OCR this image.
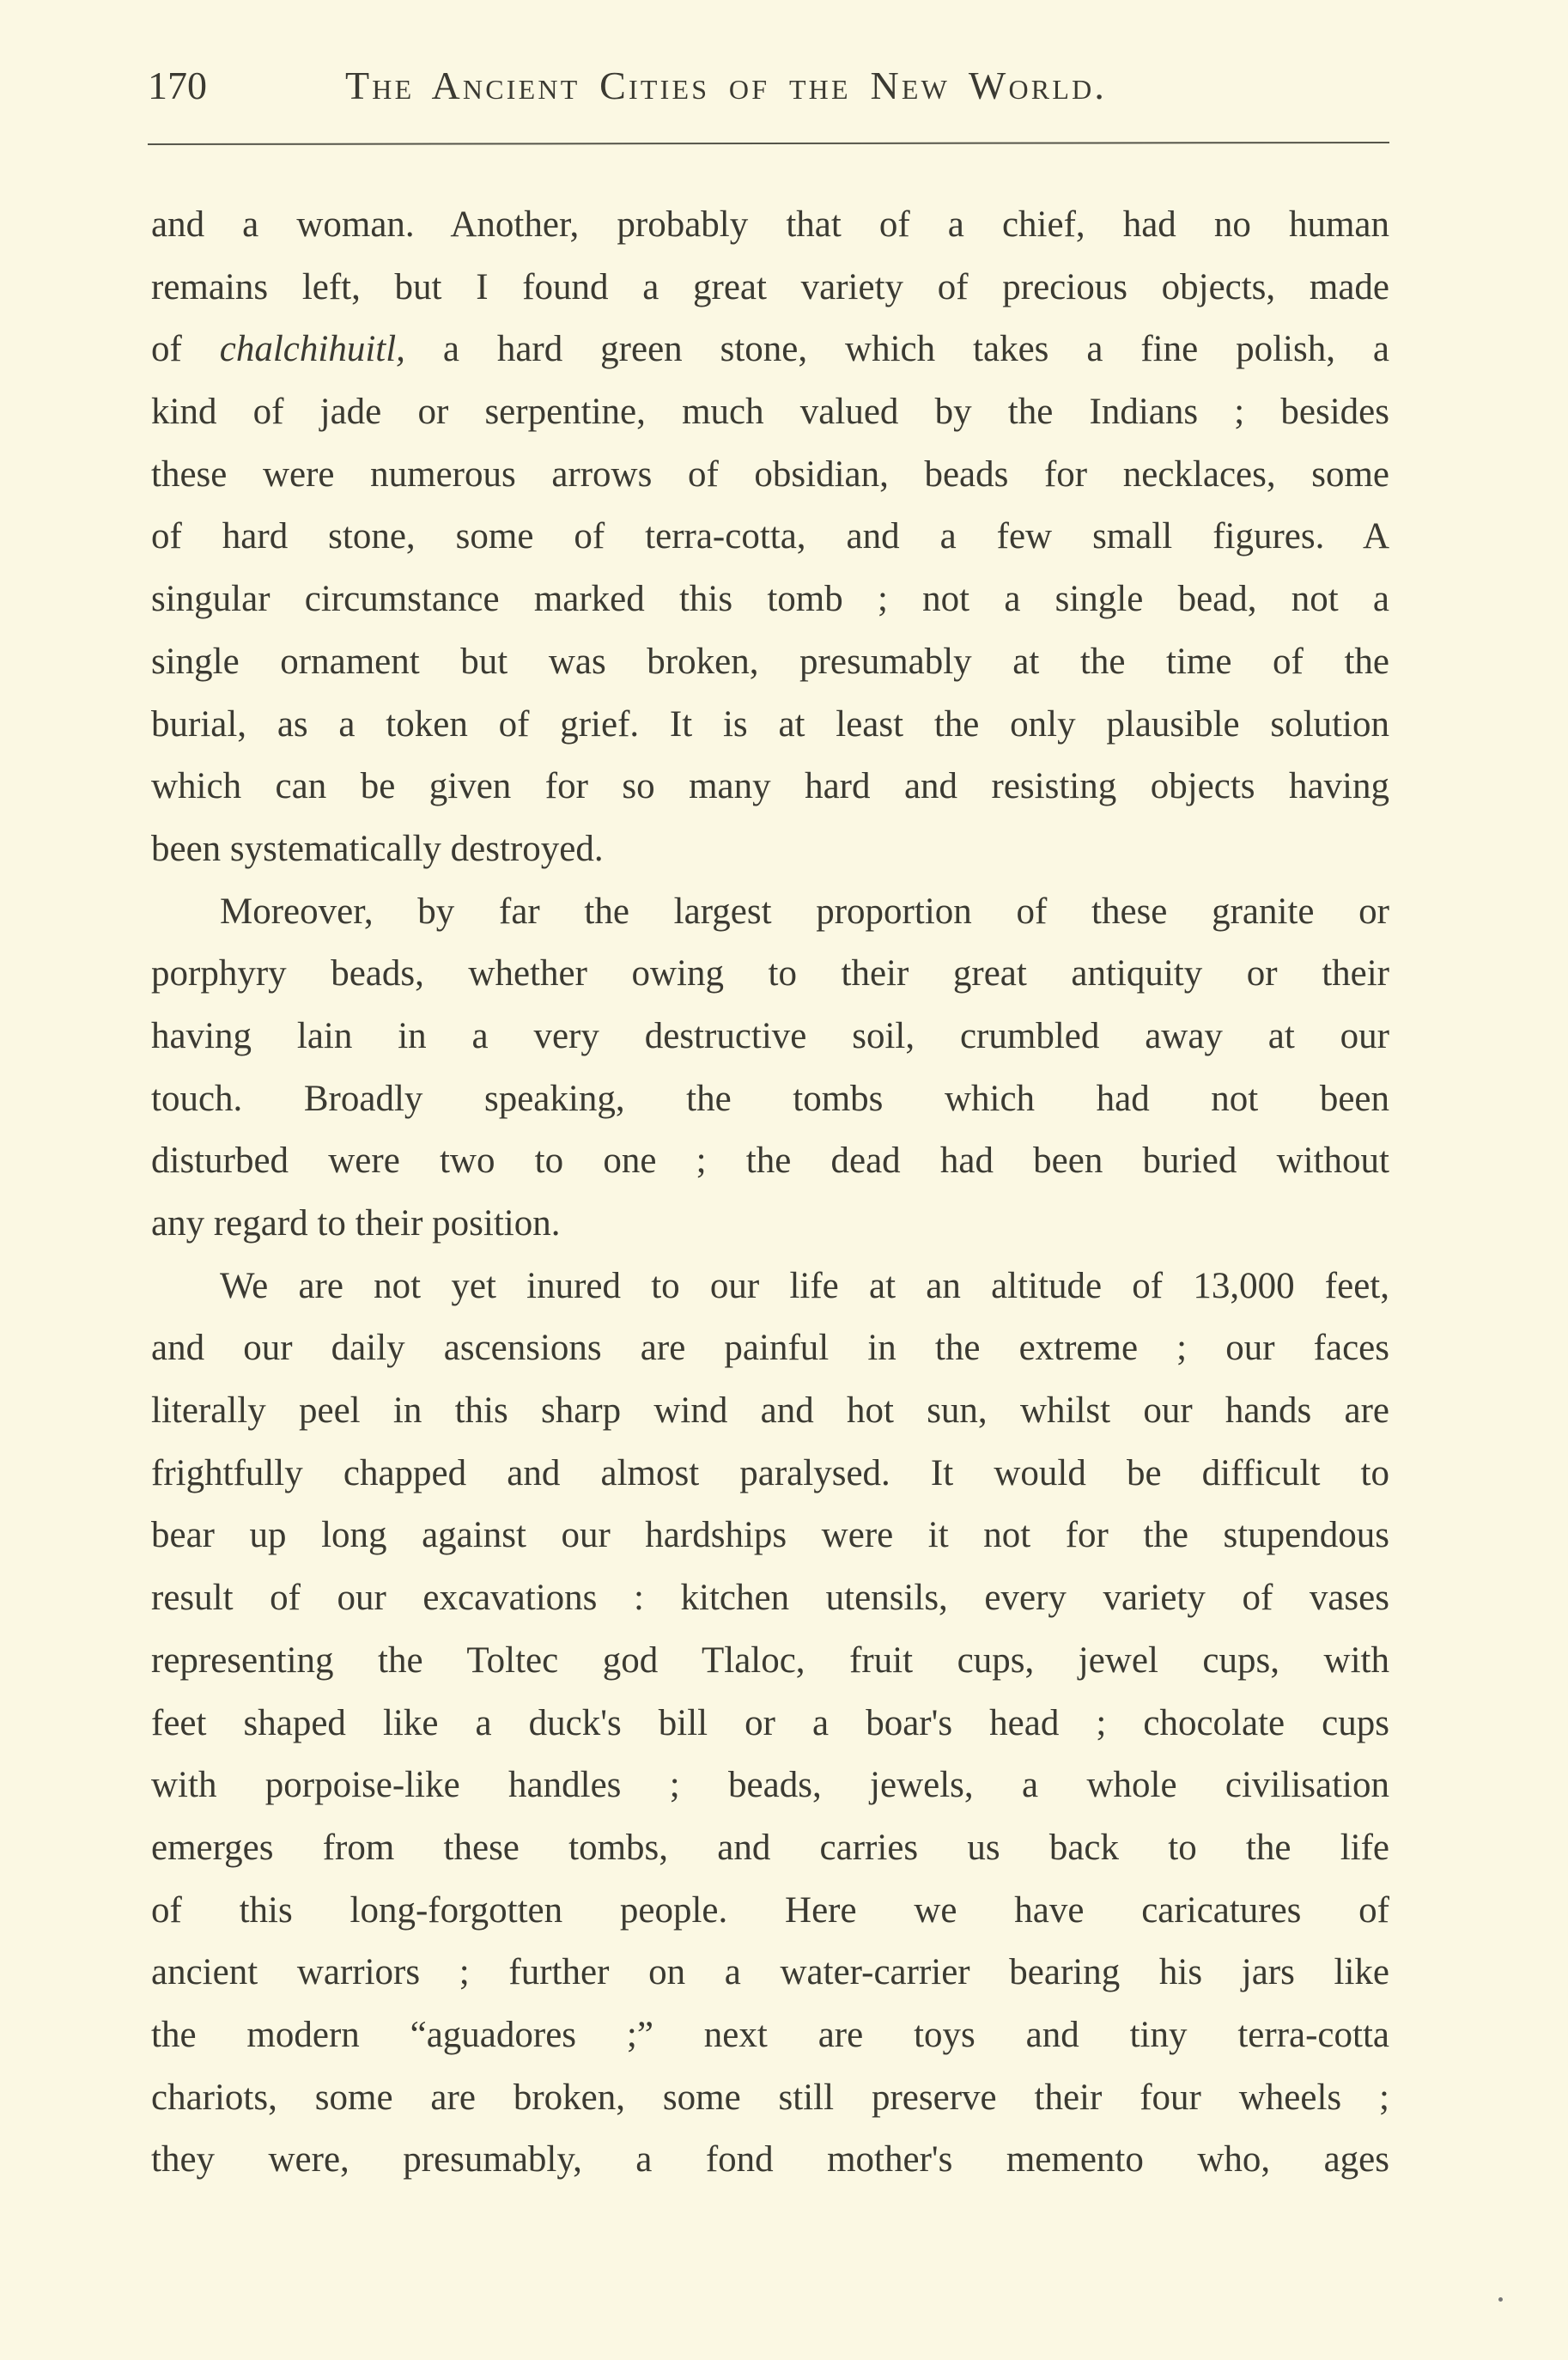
170	The Ancient Cities of the New World.
and a woman. Another, probably that of a chief, had no human
remains left, but I found a great variety of precious objects, made
of chalchihuitl, a hard green stone, which takes a fine polish, a
kind of jade or serpentine, much valued by the Indians ; besides
these were numerous arrows of obsidian, beads for necklaces, some
of hard stone, some of terra-cotta, and a few small figures. A
singular circumstance marked this tomb ; not a single bead, not a
single ornament but was broken, presumably at the time of the
burial, as a token of grief. It is at least the only plausible solution
which can be given for so many hard and resisting objects having
been systematically destroyed.
Moreover, by far the largest proportion of these granite or
porphyry beads, whether owing to their great antiquity or their
having lain in a very destructive soil, crumbled away at our
touch. Broadly speaking, the tombs which had not been
disturbed were two to one ; the dead had been buried without
any regard to their position.
We are not yet inured to our life at an altitude of 13,000 feet,
and our daily ascensions are painful in the extreme ; our faces
literally peel in this sharp wind and hot sun, whilst our hands are
frightfully chapped and almost paralysed. It would be difficult to
bear up long against our hardships were it not for the stupendous
result of our excavations : kitchen utensils, every variety of vases
representing the Toltec god Tlaloc, fruit cups, jewel cups, with
feet shaped like a duck's bill or a boar's head ; chocolate cups
with porpoise-like handles ; beads, jewels, a whole civilisation
emerges from these tombs, and carries us back to the life
of this long-forgotten people. Here we have caricatures of
ancient warriors ; further on a water-carrier bearing his jars like
the modern “aguadores ;” next are toys and tiny terra-cotta
chariots, some are broken, some still preserve their four wheels ;
they were, presumably, a fond mother's memento who, ages
